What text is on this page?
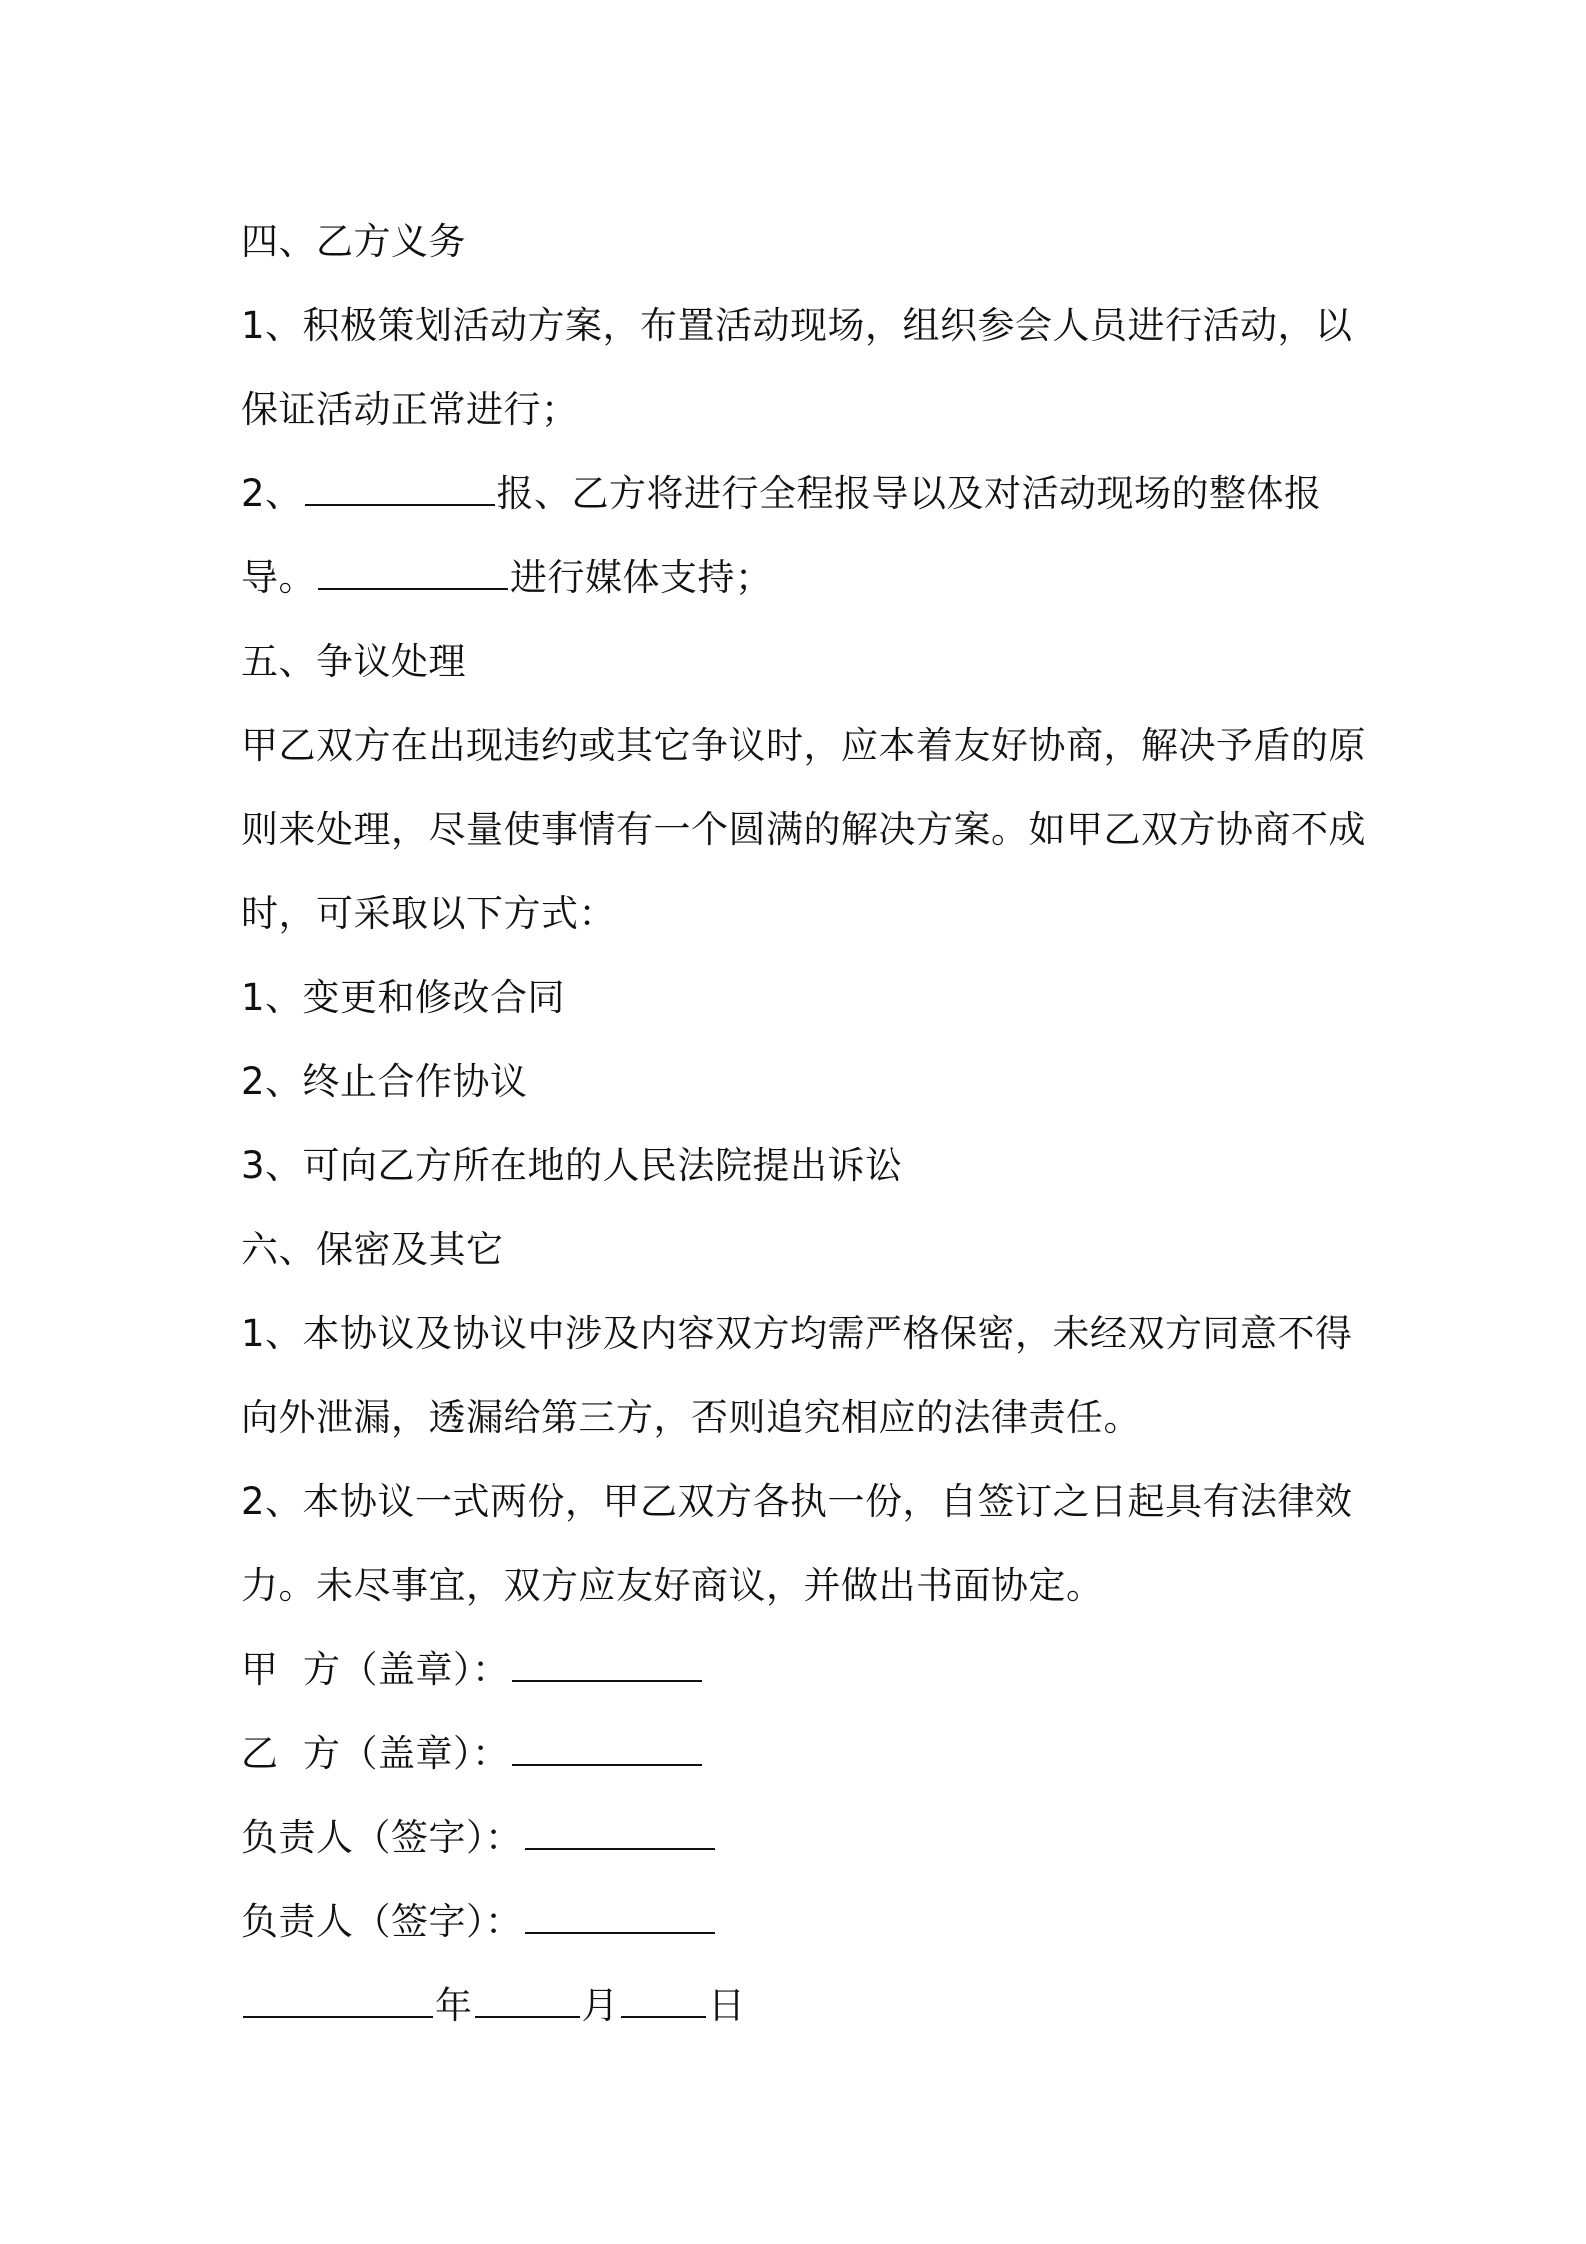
四、乙方义务
1、积极策划活动方案，布置活动现场，组织参会人员进行活动，以
保证活动正常进行；
2、	报、乙方将进行全程报导以及对活动现场的整体报
导。	进行媒体支持；
五、争议处理
甲乙双方在出现违约或其它争议时，应本着友好协商，解决予盾的原
则来处理，尽量使事情有一个圆满的解决方案。如甲乙双方协商不成
时，可采取以下方式：
1、变更和修改合同
2、终止合作协议
3、可向乙方所在地的人民法院提出诉讼
六、保密及其它
1、本协议及协议中涉及内容双方均需严格保密，未经双方同意不得
向外泄漏，透漏给第三方，否则追究相应的法律责任。
2、本协议一式两份，甲乙双方各执一份，自签订之日起具有法律效
力。未尽事宜，双方应友好商议，并做出书面协定。
甲  方（盖章）：
乙  方（盖章）：
负责人（签字）：
负责人（签字）：
年	月 日
